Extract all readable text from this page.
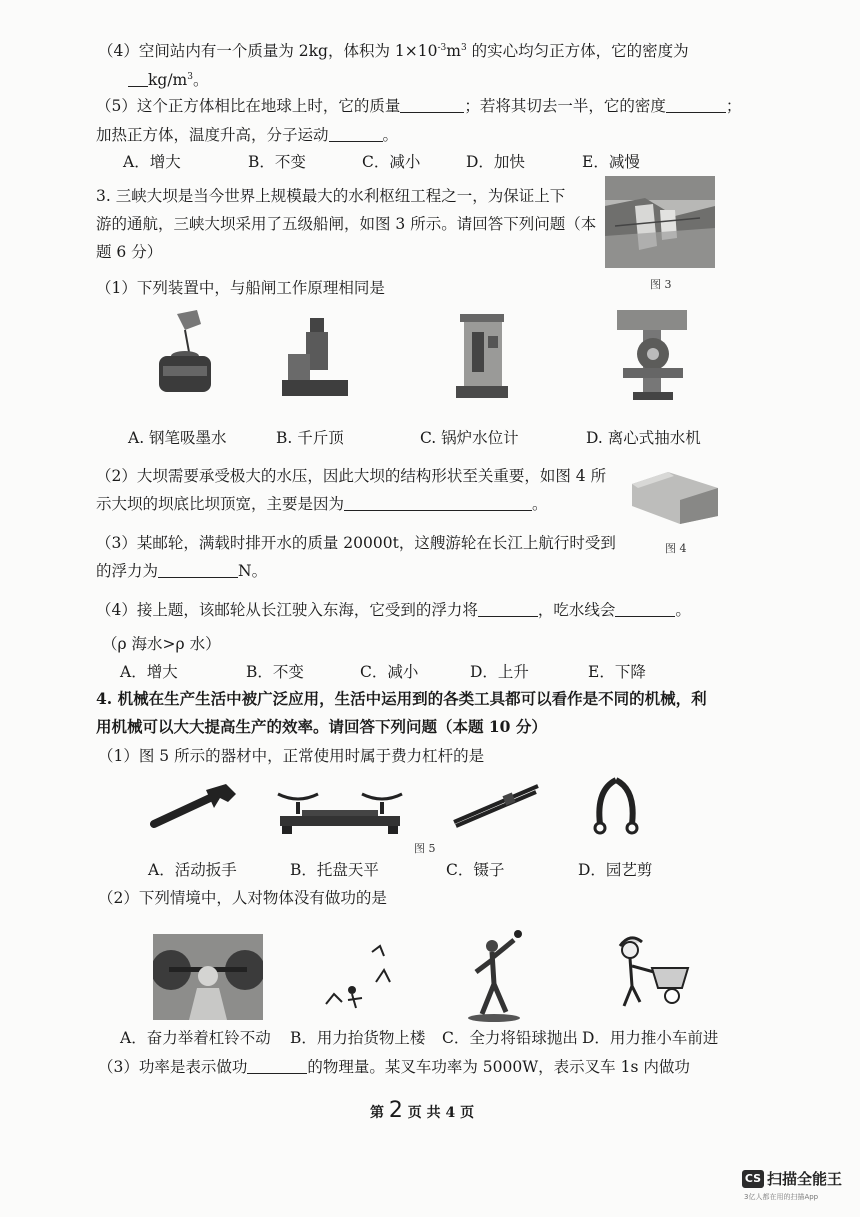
（4）空间站内有一个质量为 2kg，体积为 $1\times 10^{-3}m^3$ 的实心均匀正方体，它的密度为
$kg/m^3$。
（5）这个正方体相比在地球上时，它的质量	；若将其切去一半，它的密度	；
加热正方体，温度升高，分子运动	。
A．增大	B．不变	C．减小	D．加快	E．减慢
3. 三峡大坝是当今世界上规模最大的水利枢纽工程之一，为保证上下
游的通航，三峡大坝采用了五级船闸，如图 3 所示。请回答下列问题（本
题 6 分）
图 3
（1）下列装置中，与船闸工作原理相同是
A. 钢笔吸墨水	B. 千斤顶	C. 锅炉水位计	D. 离心式抽水机
（2）大坝需要承受极大的水压，因此大坝的结构形状至关重要，如图 4 所
示大坝的坝底比坝顶宽，主要是因为	。
图 4
（3）某邮轮，满载时排开水的质量 20000t，这艘游轮在长江上航行时受到
的浮力为	N。
（4）接上题，该邮轮从长江驶入东海，它受到的浮力将	，吃水线会	。
（ρ 海水>ρ 水）
A．增大	B．不变	C．减小	D．上升	E．下降
4. 机械在生产生活中被广泛应用，生活中运用到的各类工具都可以看作是不同的机械，利
用机械可以大大提高生产的效率。请回答下列问题（本题 10 分）
（1）图 5 所示的器材中，正常使用时属于费力杠杆的是
图 5
A．活动扳手	B．托盘天平	C．镊子	D．园艺剪
（2）下列情境中，人对物体没有做功的是
A．奋力举着杠铃不动 B．用力抬货物上楼 C．全力将铅球抛出 D．用力推小车前进
（3）功率是表示做功	的物理量。某叉车功率为 5000W，表示叉车 1s 内做功
第 2 页 共 4 页
CS 扫描全能王
3亿人都在用的扫描App
